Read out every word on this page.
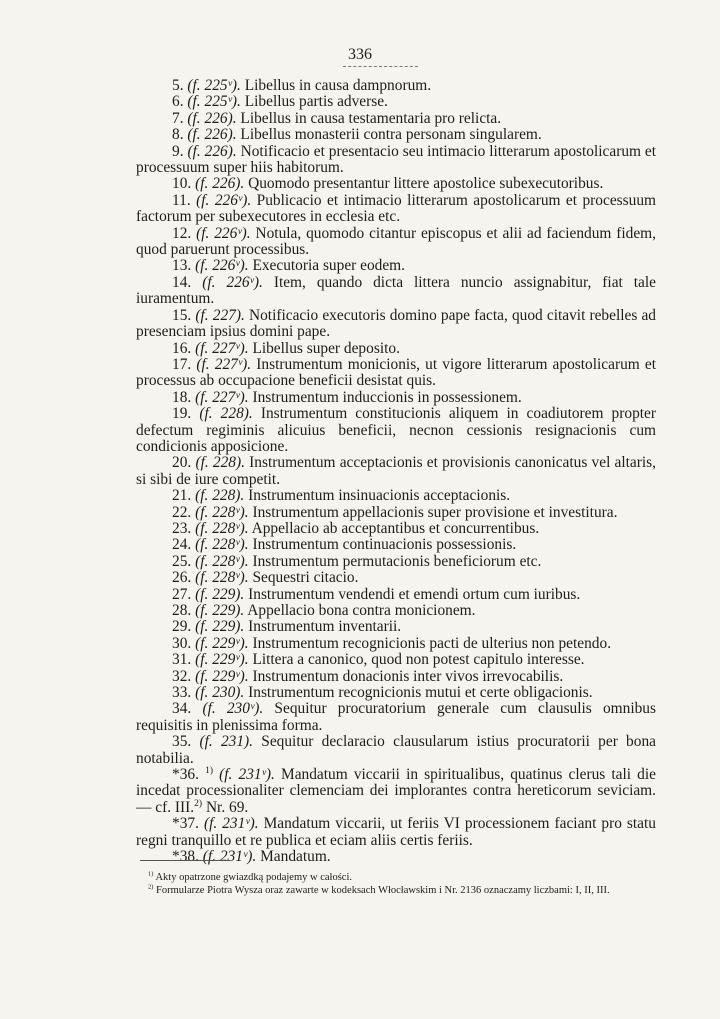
336

5. (f. 225ᵛ). Libellus in causa dampnorum.

6. (f. 225ᵛ). Libellus partis adverse.

7. (f. 226). Libellus in causa testamentaria pro relicta.

8. (f. 226). Libellus monasterii contra personam singularem.

9. (f. 226). Notificacio et presentacio seu intimacio litterarum apostolicarum et processuum super hiis habitorum.

10. (f. 226). Quomodo presentantur littere apostolice subexecutoribus.

11. (f. 226ᵛ). Publicacio et intimacio litterarum apostolicarum et processuum factorum per subexecutores in ecclesia etc.

12. (f. 226ᵛ). Notula, quomodo citantur episcopus et alii ad faciendum fidem, quod paruerunt processibus.

13. (f. 226ᵛ). Executoria super eodem.

14. (f. 226ᵛ). Item, quando dicta littera nuncio assignabitur, fiat tale iuramentum.

15. (f. 227). Notificacio executoris domino pape facta, quod citavit rebelles ad presenciam ipsius domini pape.

16. (f. 227ᵛ). Libellus super deposito.

17. (f. 227ᵛ). Instrumentum monicionis, ut vigore litterarum apostolicarum et processus ab occupacione beneficii desistat quis.

18. (f. 227ᵛ). Instrumentum induccionis in possessionem.

19. (f. 228). Instrumentum constitucionis aliquem in coadiutorem propter defectum regiminis alicuius beneficii, necnon cessionis resignacionis cum condicionis apposicione.

20. (f. 228). Instrumentum acceptacionis et provisionis canonicatus vel altaris, si sibi de iure competit.

21. (f. 228). Instrumentum insinuacionis acceptacionis.

22. (f. 228ᵛ). Instrumentum appellacionis super provisione et investitura.

23. (f. 228ᵛ). Appellacio ab acceptantibus et concurrentibus.

24. (f. 228ᵛ). Instrumentum continuacionis possessionis.

25. (f. 228ᵛ). Instrumentum permutacionis beneficiorum etc.

26. (f. 228ᵛ). Sequestri citacio.

27. (f. 229). Instrumentum vendendi et emendi ortum cum iuribus.

28. (f. 229). Appellacio bona contra monicionem.

29. (f. 229). Instrumentum inventarii.

30. (f. 229ᵛ). Instrumentum recognicionis pacti de ulterius non petendo.

31. (f. 229ᵛ). Littera a canonico, quod non potest capitulo interesse.

32. (f. 229ᵛ). Instrumentum donacionis inter vivos irrevocabilis.

33. (f. 230). Instrumentum recognicionis mutui et certe obligacionis.

34. (f. 230ᵛ). Sequitur procuratorium generale cum clausulis omnibus requisitis in plenissima forma.

35. (f. 231). Sequitur declaracio clausularum istius procuratorii per bona notabilia.

*36. $^{1)}$ (f. 231ᵛ). Mandatum viccarii in spiritualibus, quatinus clerus tali die incedat processionaliter clemenciam dei implorantes contra hereticorum seviciam. — cf. III.$^{2)}$ Nr. 69.

*37. (f. 231ᵛ). Mandatum viccarii, ut feriis VI processionem faciant pro statu regni tranquillo et re publica et eciam aliis certis feriis.

*38. (f. 231ᵛ). Mandatum.

$^{1)}$ Akty opatrzone gwiazdką podajemy w całości.

$^{2)}$ Formularze Piotra Wysza oraz zawarte w kodeksach Włocławskim i Nr. 2136 oznaczamy liczbami: I, II, III.
